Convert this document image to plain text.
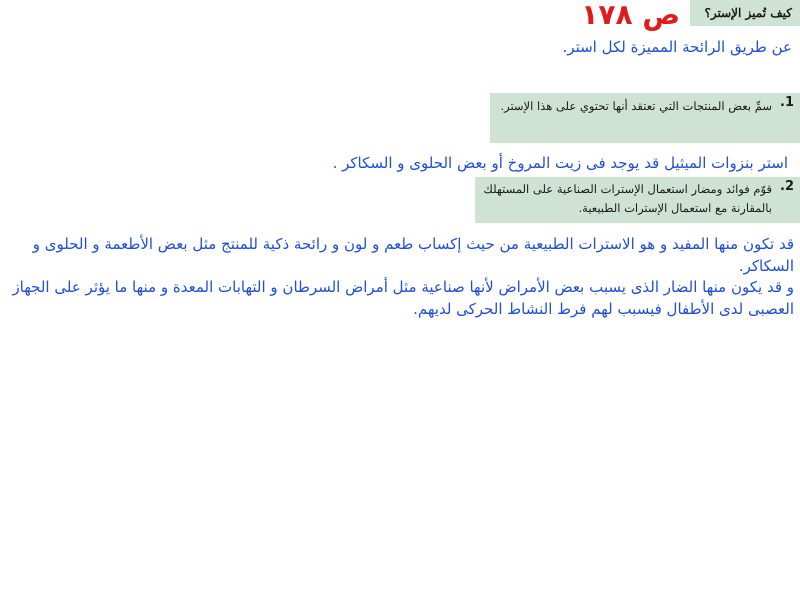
كيف تُميز الإستر؟
ص ١٧٨
عن طريق الرائحة المميزة لكل استر.
1.
سمِّ بعض المنتجات التي تعتقد أنها تحتوي على هذا الإستر.
استر بنزوات الميثيل قد يوجد فى زيت المروخ أو بعض الحلوى و السكاكر .
2.
قوّم فوائد ومضار استعمال الإسترات الصناعية على المستهلك بالمقارنة مع استعمال الإسترات الطبيعية.
قد تكون منها المفيد و هو الاسترات الطبيعية من حيث إكساب طعم و لون و رائحة ذكية للمنتج مثل بعض الأطعمة و الحلوى و السكاكر.
و قد يكون منها الضار الذى يسبب بعض الأمراض لأنها صناعية مثل أمراض السرطان و التهابات المعدة و منها ما يؤثر على الجهاز العصبى لدى الأطفال فيسبب لهم فرط النشاط الحركى لديهم.
